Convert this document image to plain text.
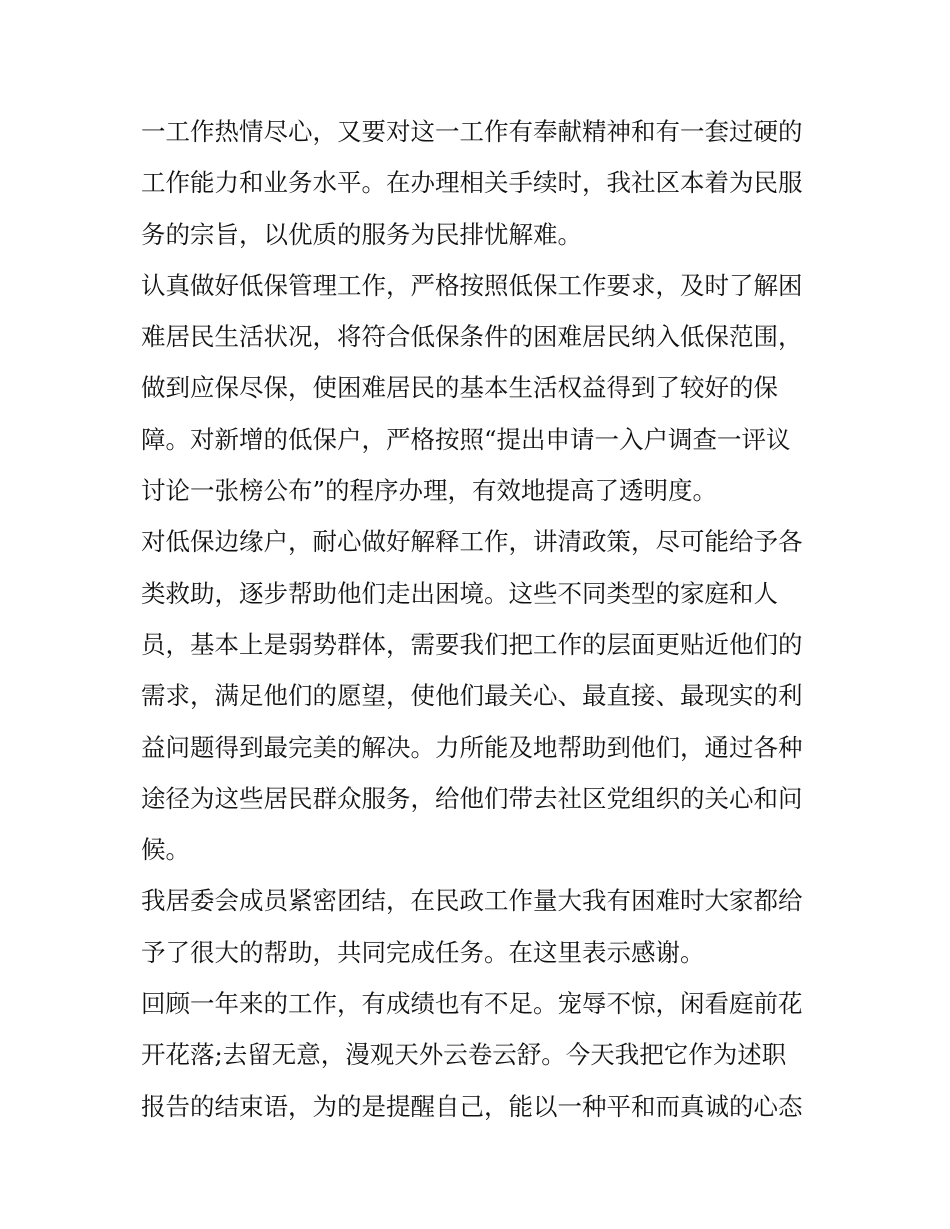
一工作热情尽心，又要对这一工作有奉献精神和有一套过硬的
工作能力和业务水平。在办理相关手续时，我社区本着为民服
务的宗旨，以优质的服务为民排忧解难。
认真做好低保管理工作，严格按照低保工作要求，及时了解困
难居民生活状况，将符合低保条件的困难居民纳入低保范围，
做到应保尽保，使困难居民的基本生活权益得到了较好的保
障。对新增的低保户，严格按照“提出申请一入户调查一评议
讨论一张榜公布”的程序办理，有效地提高了透明度。
对低保边缘户，耐心做好解释工作，讲清政策，尽可能给予各
类救助，逐步帮助他们走出困境。这些不同类型的家庭和人
员，基本上是弱势群体，需要我们把工作的层面更贴近他们的
需求，满足他们的愿望，使他们最关心、最直接、最现实的利
益问题得到最完美的解决。力所能及地帮助到他们，通过各种
途径为这些居民群众服务，给他们带去社区党组织的关心和问
候。
我居委会成员紧密团结，在民政工作量大我有困难时大家都给
予了很大的帮助，共同完成任务。在这里表示感谢。
回顾一年来的工作，有成绩也有不足。宠辱不惊，闲看庭前花
开花落;去留无意，漫观天外云卷云舒。今天我把它作为述职
报告的结束语，为的是提醒自己，能以一种平和而真诚的心态
